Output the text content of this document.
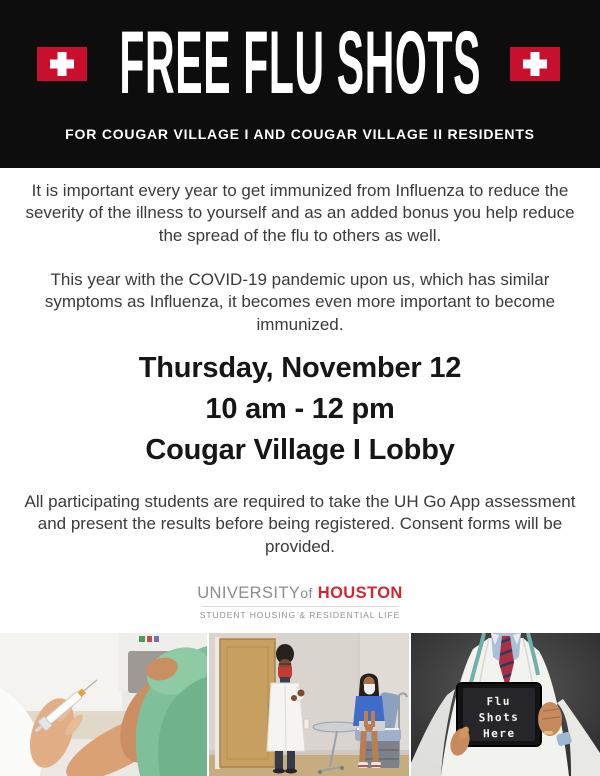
FREE FLU SHOTS
FOR COUGAR VILLAGE I AND COUGAR VILLAGE II RESIDENTS

It is important every year to get immunized from Influenza to reduce the severity of the illness to yourself and as an added bonus you help reduce the spread of the flu to others as well.

This year with the COVID-19 pandemic upon us, which has similar symptoms as Influenza, it becomes even more important to become immunized.

Thursday, November 12
10 am - 12 pm
Cougar Village I Lobby

All participating students are required to take the UH Go App assessment and present the results before being registered. Consent forms will be provided.

UNIVERSITYof HOUSTON
STUDENT HOUSING & RESIDENTIAL LIFE
Flu
Shots
Here
